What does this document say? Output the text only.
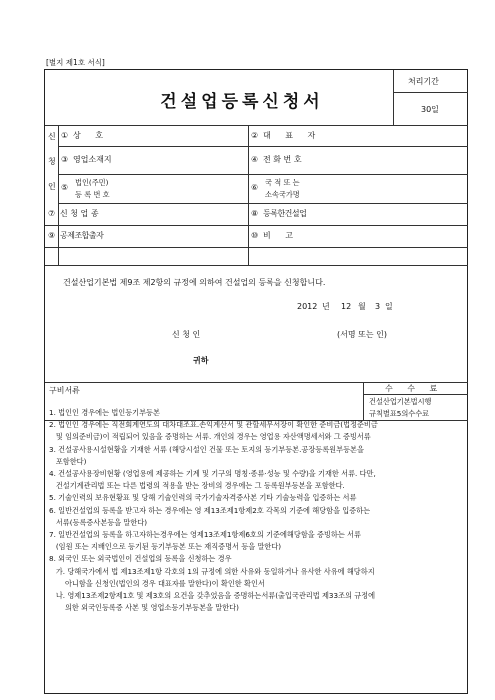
[별지 제1호 서식]
건설업등록신청서
처리기간
30일
신
청
인
① 상 호	② 대 표 자
③ 영업소재지	④ 전 화 번 호
⑤
법인(주민)
등 록 번 호
⑥
국 적 또 는
소속국가명
⑦ 신 청 업 종	⑧ 등록한건설업
⑨ 공제조합출자	⑩ 비 고
건설산업기본법 제9조 제2항의 규정에 의하여 건설업의 등록을 신청합니다.
2012 년 12 월 3 일
신 청 인	(서명 또는 인)
귀하
구비서류	수 수 료
건설산업기본법시행
규칙별표5의수수료
1. 법인인 경우에는 법인등기부등본
2. 법인인 경우에는 직전회계연도의 대차대조표.손익계산서 및 관할세무서장이 확인한 준비금(법정준비금
및 임의준비금)이 적립되어 있음을 증명하는 서류. 개인의 경우는 영업용 자산액명세서와 그 증빙서류
3. 건설공사용시설현황을 기재한 서류 (해당시설인 건물 또는 토지의 등기부등본.공장등록원부등본을
포함한다)
4. 건설공사용장비현황 (영업용에 제공하는 기계 및 기구의 명칭·종류·성능 및 수량)을 기재한 서류. 다만,
건설기계관리법 또는 다른 법령의 적용을 받는 장비의 경우에는 그 등록원부등본을 포함한다.
5. 기술인력의 보유현황표 및 당해 기술인력의 국가기술자격증사본 기타 기술능력을 입증하는 서류
6. 일반건설업의 등록을 받고자 하는 경우에는 영 제13조제1항제2호 각목의 기준에 해당함을 입증하는
서류(등록증사본등을 말한다)
7. 일반건설업의 등록을 하고자하는경우에는 영제13조제1항제6호의 기준에해당함을 증빙하는 서류
(임원 또는 지배인으로 등기된 등기부등본 또는 재직증명서 등을 말한다)
8. 외국인 또는 외국법인이 건설업의 등록을 신청하는 경우
가. 당해국가에서 법 제13조제1항 각호의 1의 규정에 의한 사유와 동일하거나 유사한 사유에 해당하지
아니함을 신청인(법인의 경우 대표자를 말한다)이 확인한 확인서
나. 영제13조제2항제1호 및 제3호의 요건을 갖추었음을 증명하는서류(출입국관리법 제33조의 규정에
의한 외국인등록증 사본 및 영업소등기부등본을 말한다)
